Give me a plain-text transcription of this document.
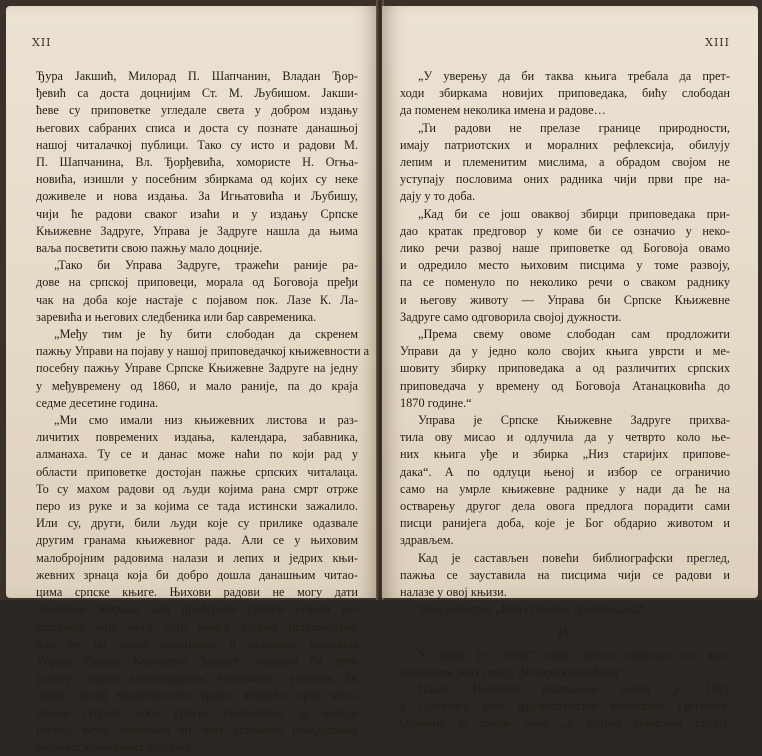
XII
Ђура Јакшић, Милорад П. Шапчанин, Владан Ђор-
ђевић са доста доцнијим Ст. М. Љубишом. Јакши-
ћеве су приповетке угледале света у добром издању
његових сабраних списа и доста су познате данашњој
нашој читалачкој публици. Тако су исто и радови М.
П. Шапчанина, Вл. Ђорђевића, хомористе Н. Огња-
новића, изишли у посебним збиркама од којих су неке
доживеле и нова издања. За Игњатовића и Љубишу,
чији ће радови сваког изаћи и у издању Српске
Књижевне Задруге, Управа је Задруге нашла да њима
ваља посветити свою пажњу мало доцније.
„Тако би Управа Задруге, тражећи раније ра-
дове на српској приповеци, морала од Боговоја пређи
чак на доба које настаје с појавом пок. Лазе К. Ла-
заревића и његових следбеника или бар савременика.
„Међу тим је ћу бити слободан да скренем
пажњу Управи на појаву у нашој приповедачкој књижевности а
посебну пажњу Управе Српске Књижевне Задруге на једну
у међувремену од 1860, и мало раније, па до краја
седме десетине година.
„Ми смо имали низ књижевних листова и раз-
личитих повремених издања, календара, забавника,
алманаха. Ту се и данас може наћи по који рад у
области приповетке достојан пажње српских читалаца.
То су махом радови од људи којима рана смрт отрже
перо из руке и за којима се тада истински зажалило.
Или су, други, били људи које су прилике одазвале
другим гранама књижевног рада. Али се у њиховим
малобројним радовима налази и лепих и једрих књи-
жевних зрнаца која би добро дошла данашњим читао-
цима српске књиге. Њихови радови не могу дати
посебних збирака, али проберани срећни огледи не-
колицине њих могу дати књигу добрих приповедака.
Кад би тај посао одабирања и издавања завршила
Управа Српске Књижевне Задруге, учинила би лепу
услугу својим многобројним члановима; учинила би
добро нашој књижевности, трајно везујући пред чита-
оцима старије добе српске приповетке за новији
период њену; обновила би лепу успомену некадашњих
ваљаних књижевних радника.
XIII
„У уверењу да би таква књига требала да прет-
ходи збиркама новијих приповедака, бићу слободан
да поменем неколика имена и радове…
„Ти радови не прелазе границе природности,
имају патриотских и моралних рефлексија, обилују
лепим и племенитим мислима, а обрадом својом не
уступају пословима оних радника чији први пре на-
дају у то доба.
„Кад би се још оваквој збирци приповедака при-
дао кратак предговор у коме би се означио у неко-
лико речи развој наше приповетке од Боговоја овамо
и одредило место њиховим писцима у томе развоју,
па се поменуло по неколико речи о сваком раднику
и његову животу — Управа би Српске Књижевне
Задруге само одговорила својој дужности.
„Према свему овоме слободан сам продложити
Управи да у једно коло својих књига уврсти и ме-
шовиту збирку приповедака а од различитих српских
приповедача у времену од Боговоја Атанацковића до
1870 године.“
Управа је Српске Књижевне Задруге прихва-
тила ову мисао и одлучила да у четврто коло ње-
них књига уђе и збирка „Низ старијих припове-
дака“. А по одлуци њеној и избор се ограничио
само на умрле књижевне раднике у нади да ће на
остварењу другог дела овога предлога порадити сами
писци ранијега доба, које је Бог обдарио животом и
здрављем.
Кад је састављен повећи библиографски преглед,
пажња се зауставила на писцима чији се радови и
налазе у овој књизи.
Тако је постао „Низ старијих приповедака“.
IV
У овом је „Низу“ прво место припало по хро-
нолошком реду писцу „Четири каранфила“.
Павле Поповић Шапчанин рођен је 1827
у Грегетегу, селу фрушкогорског манастира Грегетега.
Основне је школе учио „у једном сремском ссощу,
